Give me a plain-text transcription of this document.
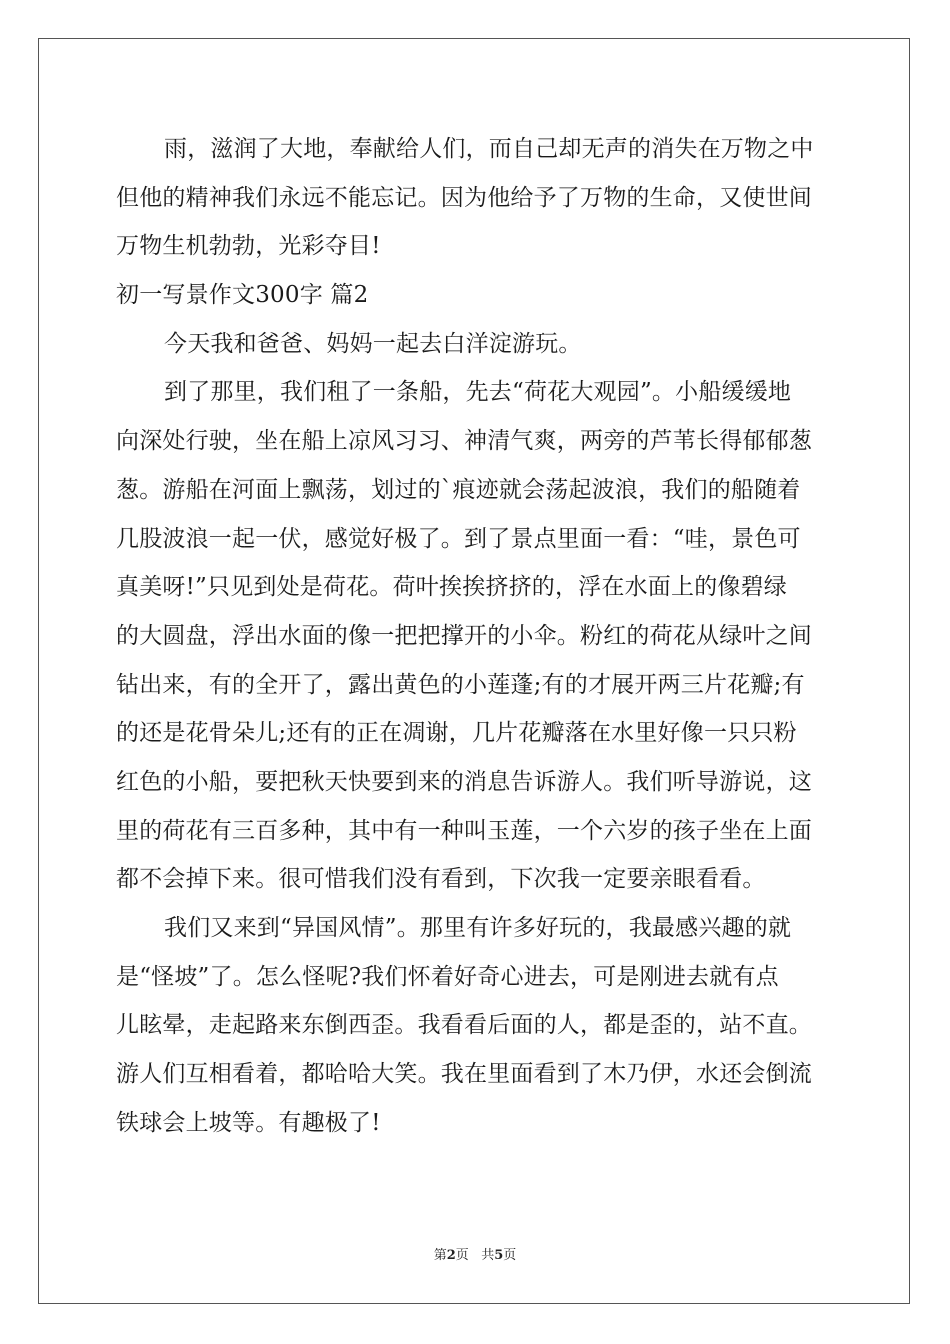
雨，滋润了大地，奉献给人们，而自己却无声的消失在万物之中
但他的精神我们永远不能忘记。因为他给予了万物的生命，又使世间
万物生机勃勃，光彩夺目!
初一写景作文300字 篇2
今天我和爸爸、妈妈一起去白洋淀游玩。
到了那里，我们租了一条船，先去“荷花大观园”。小船缓缓地
向深处行驶，坐在船上凉风习习、神清气爽，两旁的芦苇长得郁郁葱
葱。游船在河面上飘荡，划过的`痕迹就会荡起波浪，我们的船随着
几股波浪一起一伏，感觉好极了。到了景点里面一看：“哇，景色可
真美呀!”只见到处是荷花。荷叶挨挨挤挤的，浮在水面上的像碧绿
的大圆盘，浮出水面的像一把把撑开的小伞。粉红的荷花从绿叶之间
钻出来，有的全开了，露出黄色的小莲蓬;有的才展开两三片花瓣;有
的还是花骨朵儿;还有的正在凋谢，几片花瓣落在水里好像一只只粉
红色的小船，要把秋天快要到来的消息告诉游人。我们听导游说，这
里的荷花有三百多种，其中有一种叫玉莲，一个六岁的孩子坐在上面
都不会掉下来。很可惜我们没有看到，下次我一定要亲眼看看。
我们又来到“异国风情”。那里有许多好玩的，我最感兴趣的就
是“怪坡”了。怎么怪呢?我们怀着好奇心进去，可是刚进去就有点
儿眩晕，走起路来东倒西歪。我看看后面的人，都是歪的，站不直。
游人们互相看着，都哈哈大笑。我在里面看到了木乃伊，水还会倒流
铁球会上坡等。有趣极了!
第2页   共5页
